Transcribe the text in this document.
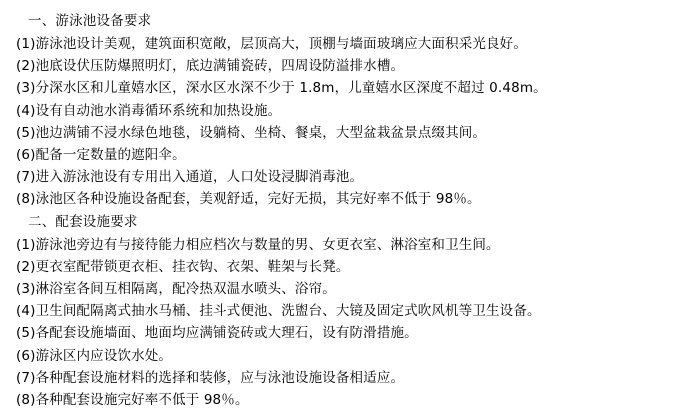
一、游泳池设备要求

(1)游泳池设计美观，建筑面积宽敞，层顶高大，顶棚与墙面玻璃应大面积采光良好。

(2)池底设伏压防爆照明灯，底边满铺瓷砖，四周设防溢排水槽。

(3)分深水区和儿童嬉水区，深水区水深不少于 1.8m，儿童嬉水区深度不超过 0.48m。

(4)设有自动池水消毒循环系统和加热设施。

(5)池边满铺不浸水绿色地毯，设躺椅、坐椅、餐桌，大型盆栽盆景点缀其间。

(6)配备一定数量的遮阳伞。

(7)进入游泳池设有专用出入通道，人口处设浸脚消毒池。

(8)泳池区各种设施设备配套，美观舒适，完好无损，其完好率不低于 98％。

二、配套设施要求

(1)游泳池旁边有与接待能力相应档次与数量的男、女更衣室、淋浴室和卫生间。

(2)更衣室配带锁更衣柜、挂衣钩、衣架、鞋架与长凳。

(3)淋浴室各间互相隔离，配冷热双温水喷头、浴帘。

(4)卫生间配隔离式抽水马桶、挂斗式便池、洗盥台、大镜及固定式吹风机等卫生设备。

(5)各配套设施墙面、地面均应满铺瓷砖或大理石，设有防滑措施。

(6)游泳区内应设饮水处。

(7)各种配套设施材料的选择和装修，应与泳池设施设备相适应。

(8)各种配套设施完好率不低于 98％。
